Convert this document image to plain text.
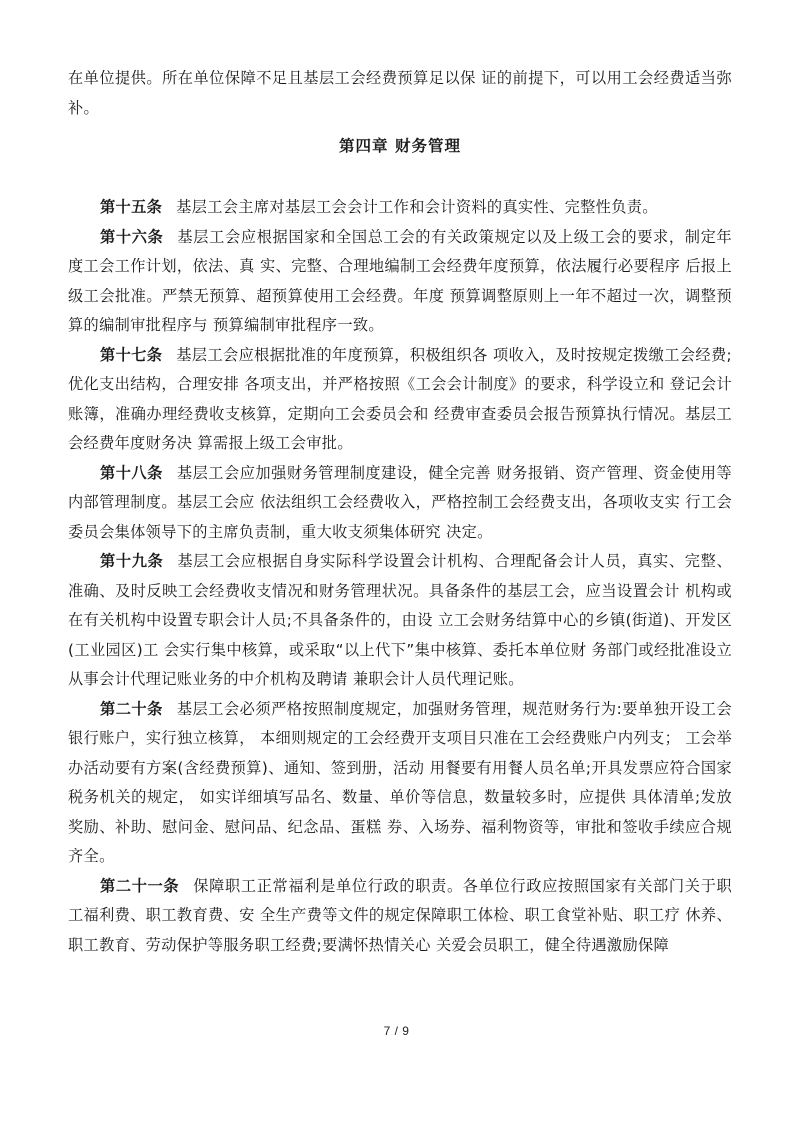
在单位提供。所在单位保障不足且基层工会经费预算足以保 证的前提下，可以用工会经费适当弥补。

第四章 财务管理

第十五条 基层工会主席对基层工会会计工作和会计资料的真实性、完整性负责。

第十六条 基层工会应根据国家和全国总工会的有关政策规定以及上级工会的要求，制定年度工会工作计划，依法、真 实、完整、合理地编制工会经费年度预算，依法履行必要程序 后报上级工会批准。严禁无预算、超预算使用工会经费。年度 预算调整原则上一年不超过一次，调整预算的编制审批程序与 预算编制审批程序一致。

第十七条 基层工会应根据批准的年度预算，积极组织各 项收入，及时按规定拨缴工会经费;优化支出结构，合理安排 各项支出，并严格按照《工会会计制度》的要求，科学设立和 登记会计账簿，准确办理经费收支核算，定期向工会委员会和 经费审查委员会报告预算执行情况。基层工会经费年度财务决 算需报上级工会审批。

第十八条 基层工会应加强财务管理制度建设，健全完善 财务报销、资产管理、资金使用等内部管理制度。基层工会应 依法组织工会经费收入，严格控制工会经费支出，各项收支实 行工会委员会集体领导下的主席负责制，重大收支须集体研究 决定。

第十九条 基层工会应根据自身实际科学设置会计机构、合理配备会计人员，真实、完整、准确、及时反映工会经费收支情况和财务管理状况。具备条件的基层工会，应当设置会计 机构或在有关机构中设置专职会计人员;不具备条件的，由设 立工会财务结算中心的乡镇(街道)、开发区(工业园区)工 会实行集中核算，或采取“以上代下”集中核算、委托本单位财 务部门或经批准设立从事会计代理记账业务的中介机构及聘请 兼职会计人员代理记账。

第二十条 基层工会必须严格按照制度规定，加强财务管理，规范财务行为:要单独开设工会银行账户，实行独立核算， 本细则规定的工会经费开支项目只准在工会经费账户内列支； 工会举办活动要有方案(含经费预算)、通知、签到册，活动 用餐要有用餐人员名单;开具发票应符合国家税务机关的规定， 如实详细填写品名、数量、单价等信息，数量较多时，应提供 具体清单;发放奖励、补助、慰问金、慰问品、纪念品、蛋糕 券、入场券、福利物资等，审批和签收手续应合规齐全。

第二十一条 保障职工正常福利是单位行政的职责。各单位行政应按照国家有关部门关于职工福利费、职工教育费、安 全生产费等文件的规定保障职工体检、职工食堂补贴、职工疗 休养、职工教育、劳动保护等服务职工经费;要满怀热情关心 关爱会员职工，健全待遇激励保障

7 / 9
